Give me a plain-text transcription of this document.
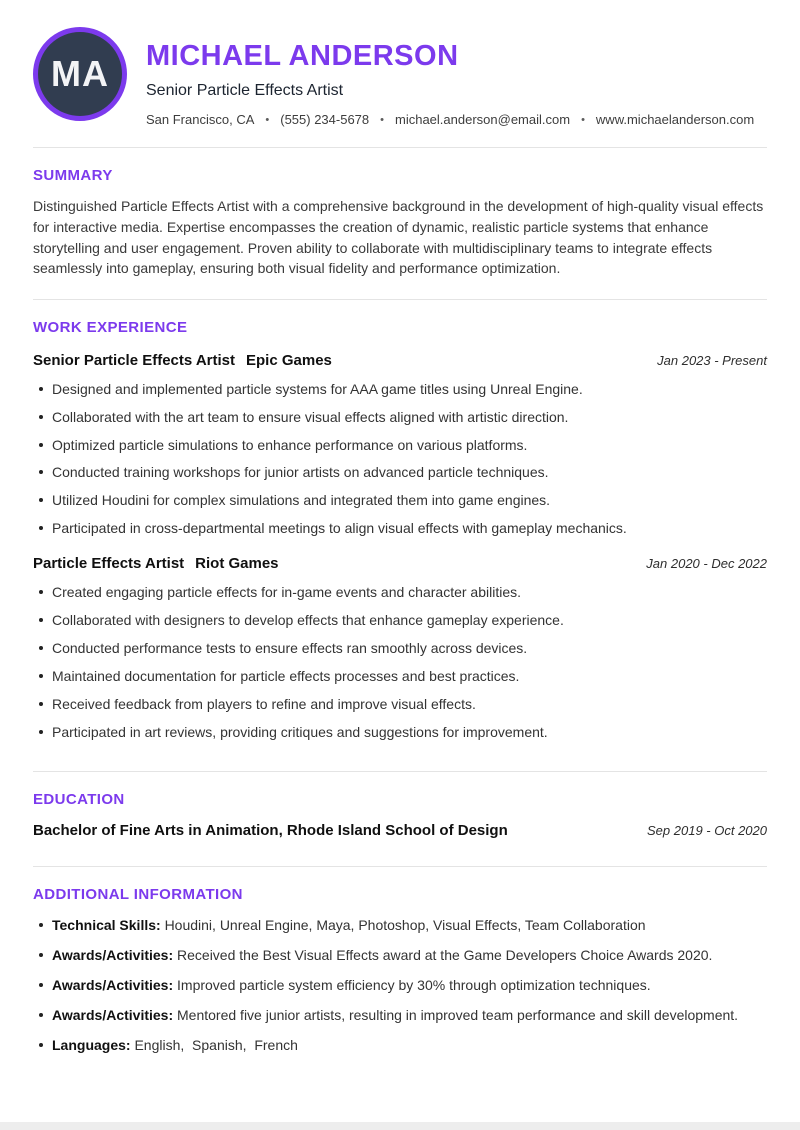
MA MICHAEL ANDERSON
Senior Particle Effects Artist
San Francisco, CA • (555) 234-5678 • michael.anderson@email.com • www.michaelanderson.com
SUMMARY

Distinguished Particle Effects Artist with a comprehensive background in the development of high-quality visual effects for interactive media. Expertise encompasses the creation of dynamic, realistic particle systems that enhance storytelling and user engagement. Proven ability to collaborate with multidisciplinary teams to integrate effects seamlessly into gameplay, ensuring both visual fidelity and performance optimization.

WORK EXPERIENCE
Senior Particle Effects Artist Epic Games	Jan 2023 - Present
Designed and implemented particle systems for AAA game titles using Unreal Engine.
Collaborated with the art team to ensure visual effects aligned with artistic direction.
Optimized particle simulations to enhance performance on various platforms.
Conducted training workshops for junior artists on advanced particle techniques.
Utilized Houdini for complex simulations and integrated them into game engines.
Participated in cross-departmental meetings to align visual effects with gameplay mechanics.
Particle Effects Artist Riot Games	Jan 2020 - Dec 2022
Created engaging particle effects for in-game events and character abilities.
Collaborated with designers to develop effects that enhance gameplay experience.
Conducted performance tests to ensure effects ran smoothly across devices.
Maintained documentation for particle effects processes and best practices.
Received feedback from players to refine and improve visual effects.
Participated in art reviews, providing critiques and suggestions for improvement.
EDUCATION
Bachelor of Fine Arts in Animation, Rhode Island School of Design	Sep 2019 - Oct 2020
ADDITIONAL INFORMATION
Technical Skills: Houdini, Unreal Engine, Maya, Photoshop, Visual Effects, Team Collaboration
Awards/Activities: Received the Best Visual Effects award at the Game Developers Choice Awards 2020.
Awards/Activities: Improved particle system efficiency by 30% through optimization techniques.
Awards/Activities: Mentored five junior artists, resulting in improved team performance and skill development.
Languages: English,  Spanish,  French
